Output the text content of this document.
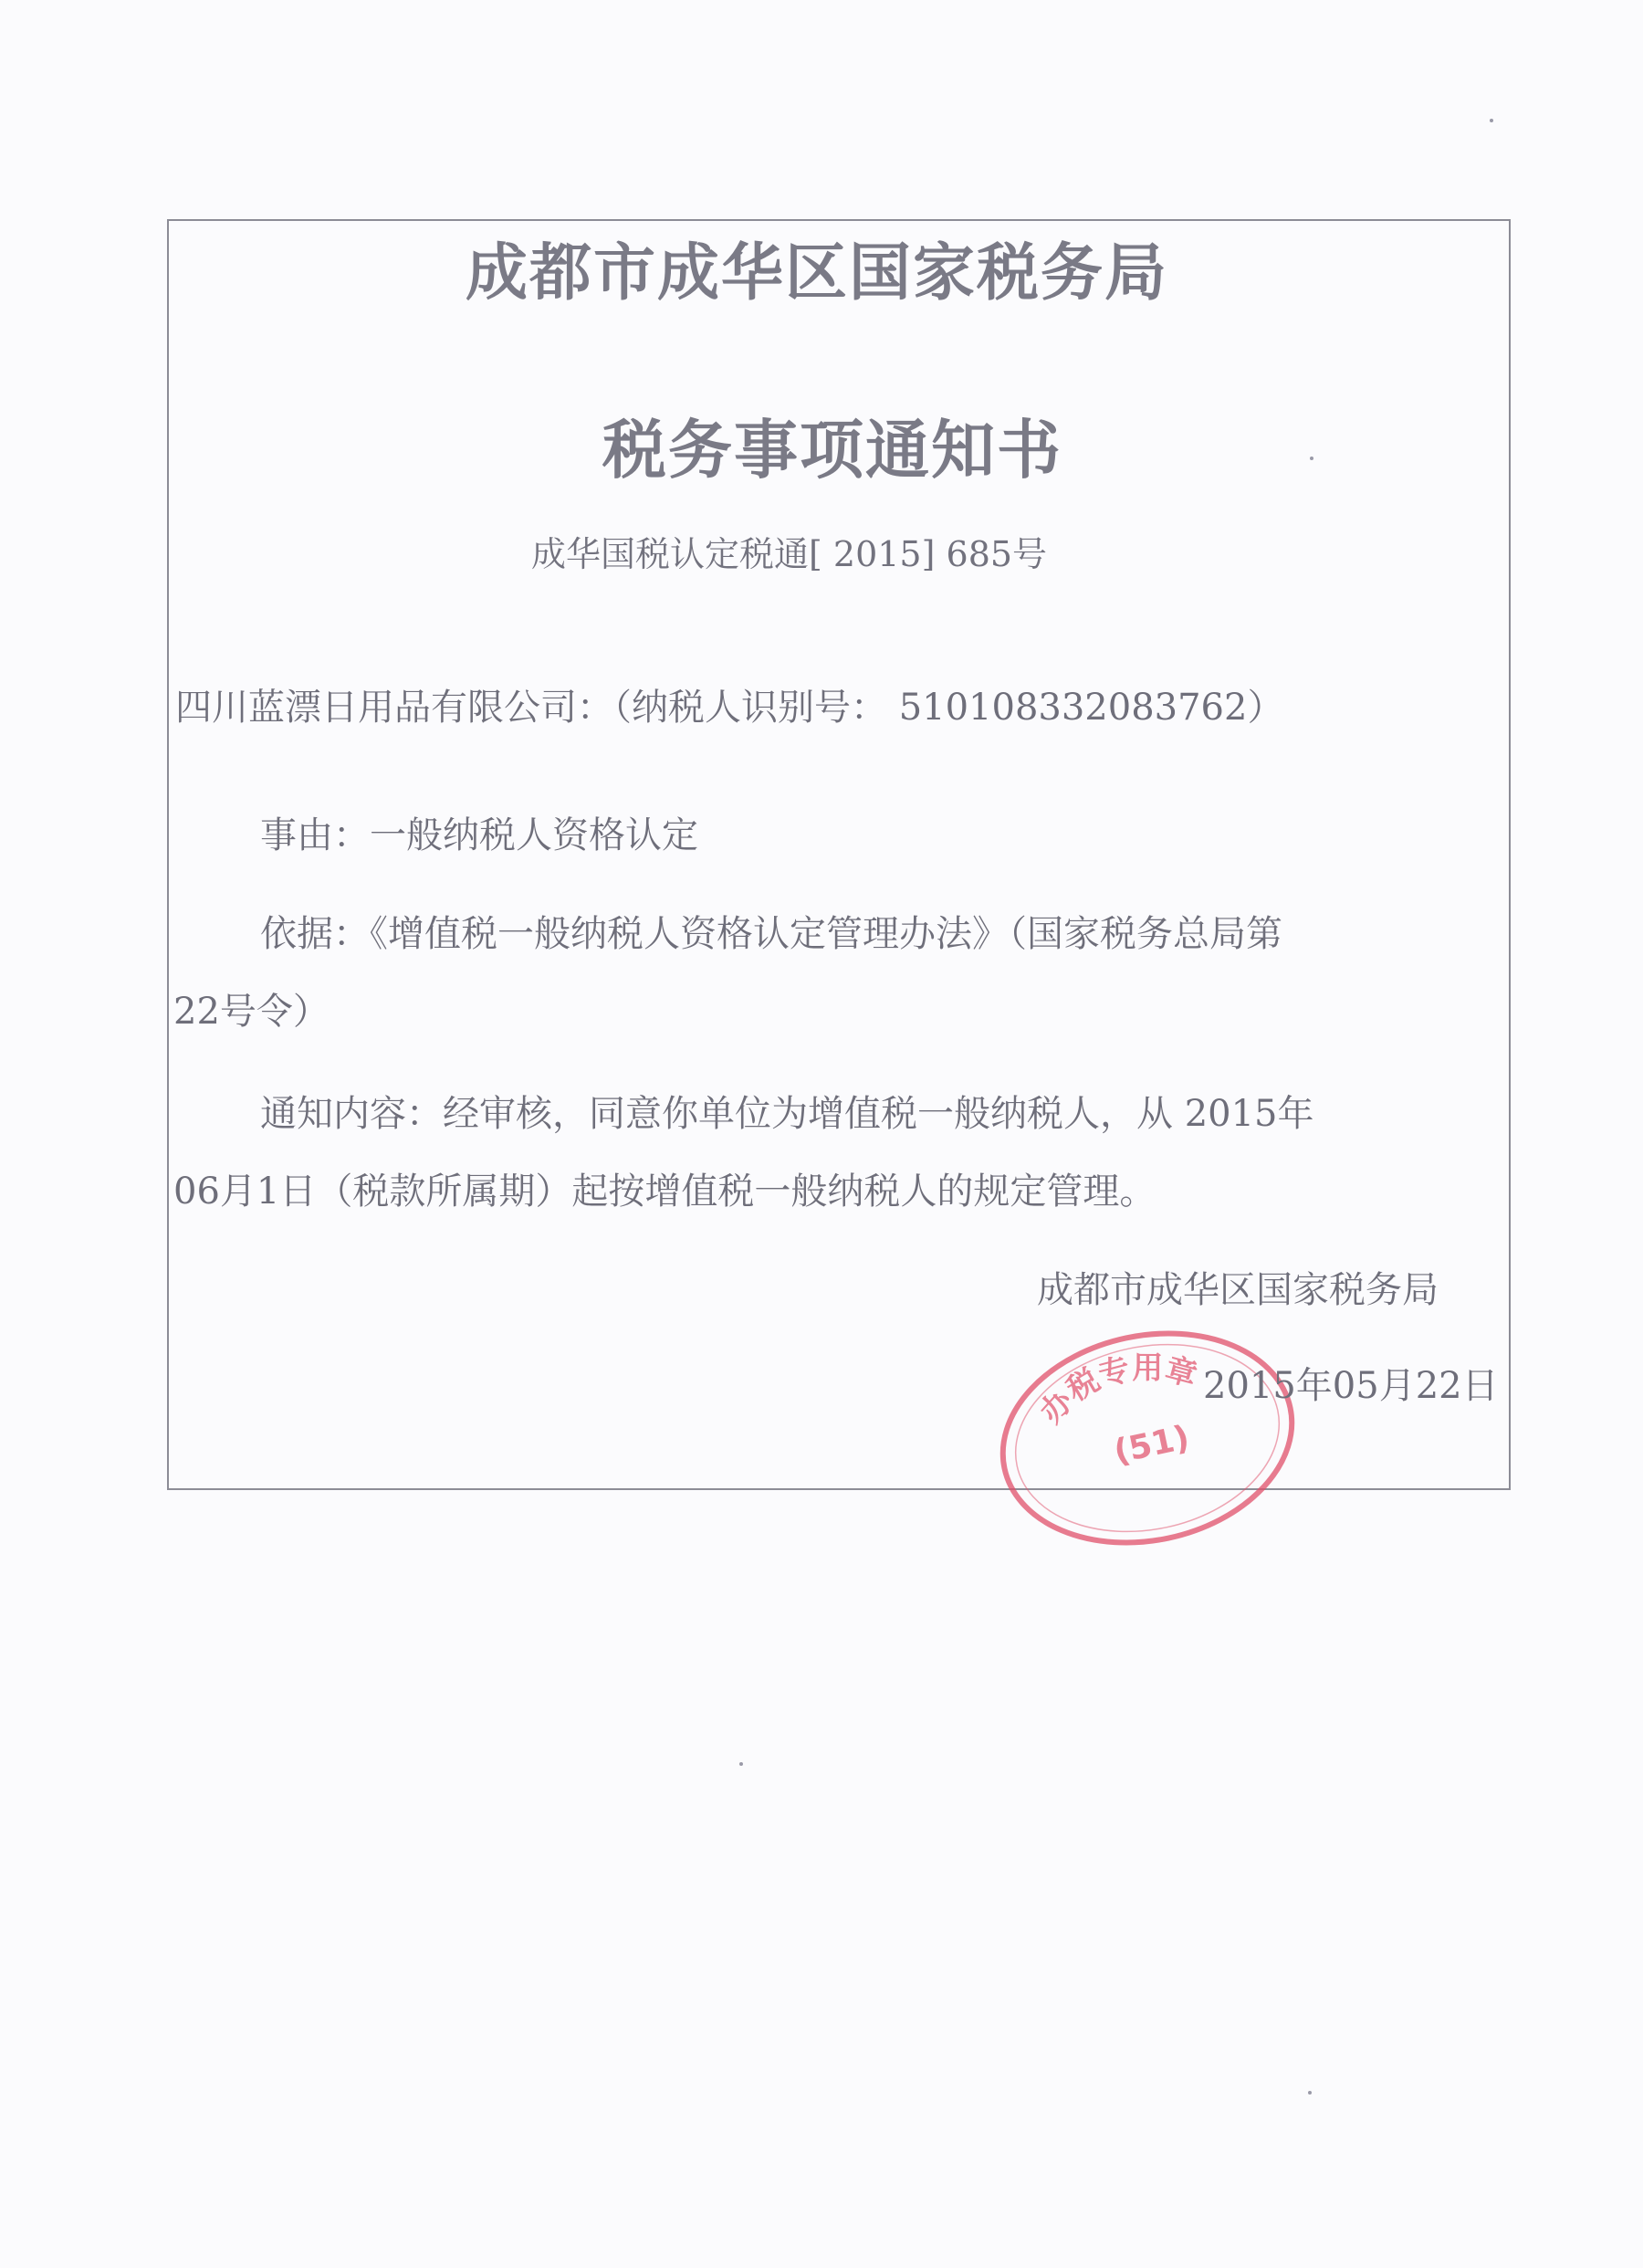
成都市成华区国家税务局
税务事项通知书
成华国税认定税通[ 2015] 685号
四川蓝漂日用品有限公司：（纳税人识别号： 510108332083762）
事由：一般纳税人资格认定
依据：《增值税一般纳税人资格认定管理办法》（国家税务总局第
22号令）
通知内容：经审核，同意你单位为增值税一般纳税人，从 2015年
06月1日（税款所属期）起按增值税一般纳税人的规定管理。
成都市成华区国家税务局
办税专用章
(51)
2015年05月22日
